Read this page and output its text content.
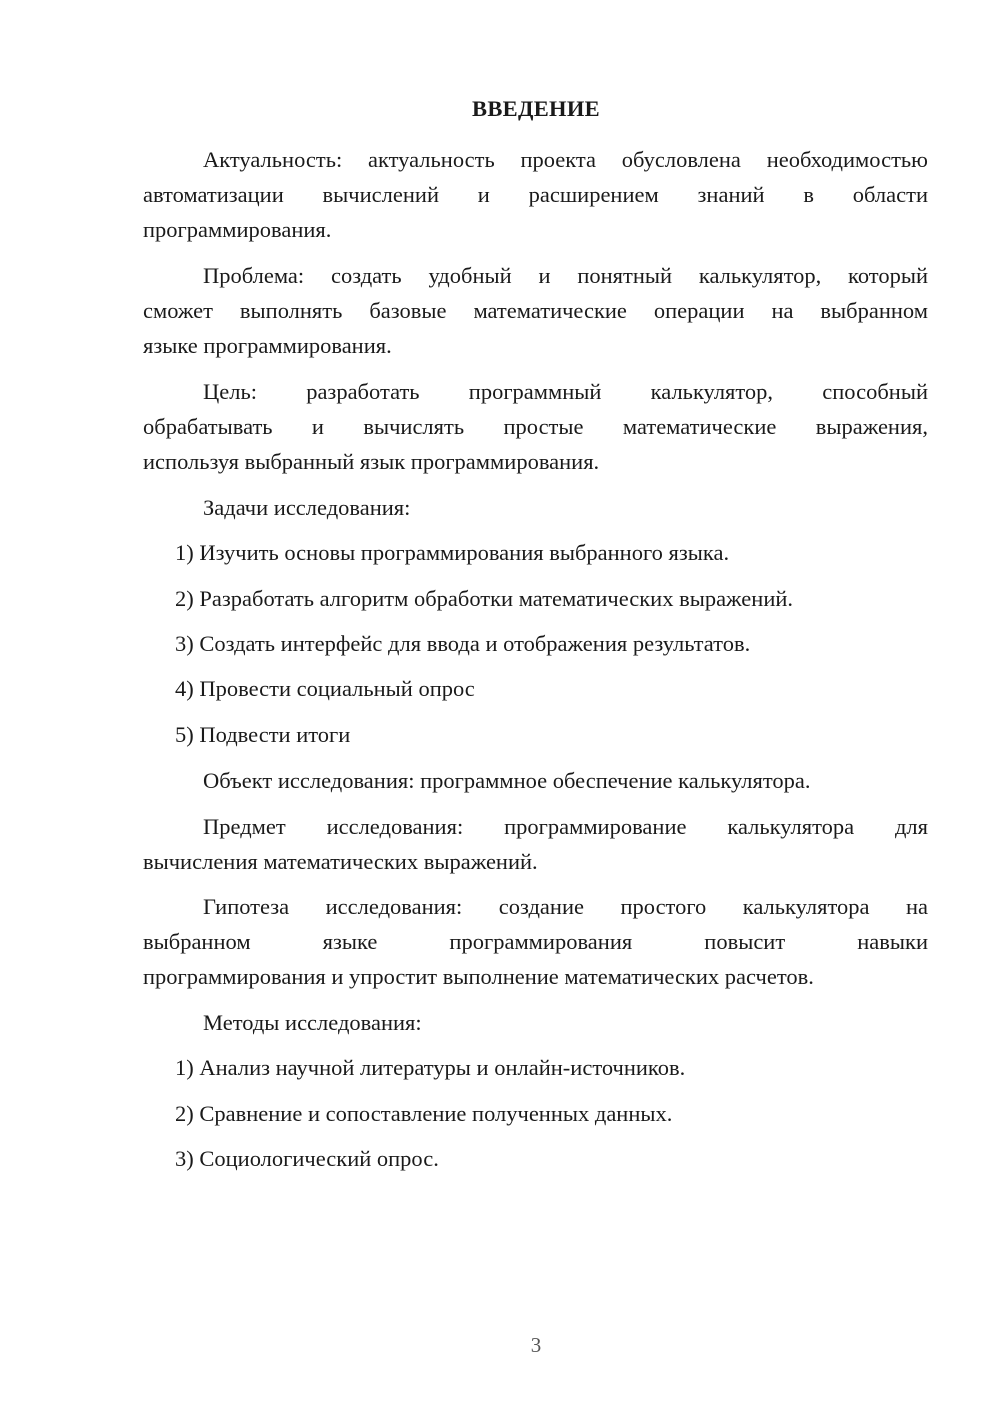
ВВЕДЕНИЕ
Актуальность: актуальность проекта обусловлена необходимостью
автоматизации вычислений и расширением знаний в области
программирования.
Проблема: создать удобный и понятный калькулятор, который
сможет выполнять базовые математические операции на выбранном
языке программирования.
Цель: разработать программный калькулятор, способный
обрабатывать и вычислять простые математические выражения,
используя выбранный язык программирования.
Задачи исследования:
1) Изучить основы программирования выбранного языка.
2) Разработать алгоритм обработки математических выражений.
3) Создать интерфейс для ввода и отображения результатов.
4) Провести социальный опрос
5) Подвести итоги
Объект исследования: программное обеспечение калькулятора.
Предмет исследования: программирование калькулятора для
вычисления математических выражений.
Гипотеза исследования: создание простого калькулятора на
выбранном языке программирования повысит навыки
программирования и упростит выполнение математических расчетов.
Методы исследования:
1) Анализ научной литературы и онлайн-источников.
2) Сравнение и сопоставление полученных данных.
3) Социологический опрос.
3
